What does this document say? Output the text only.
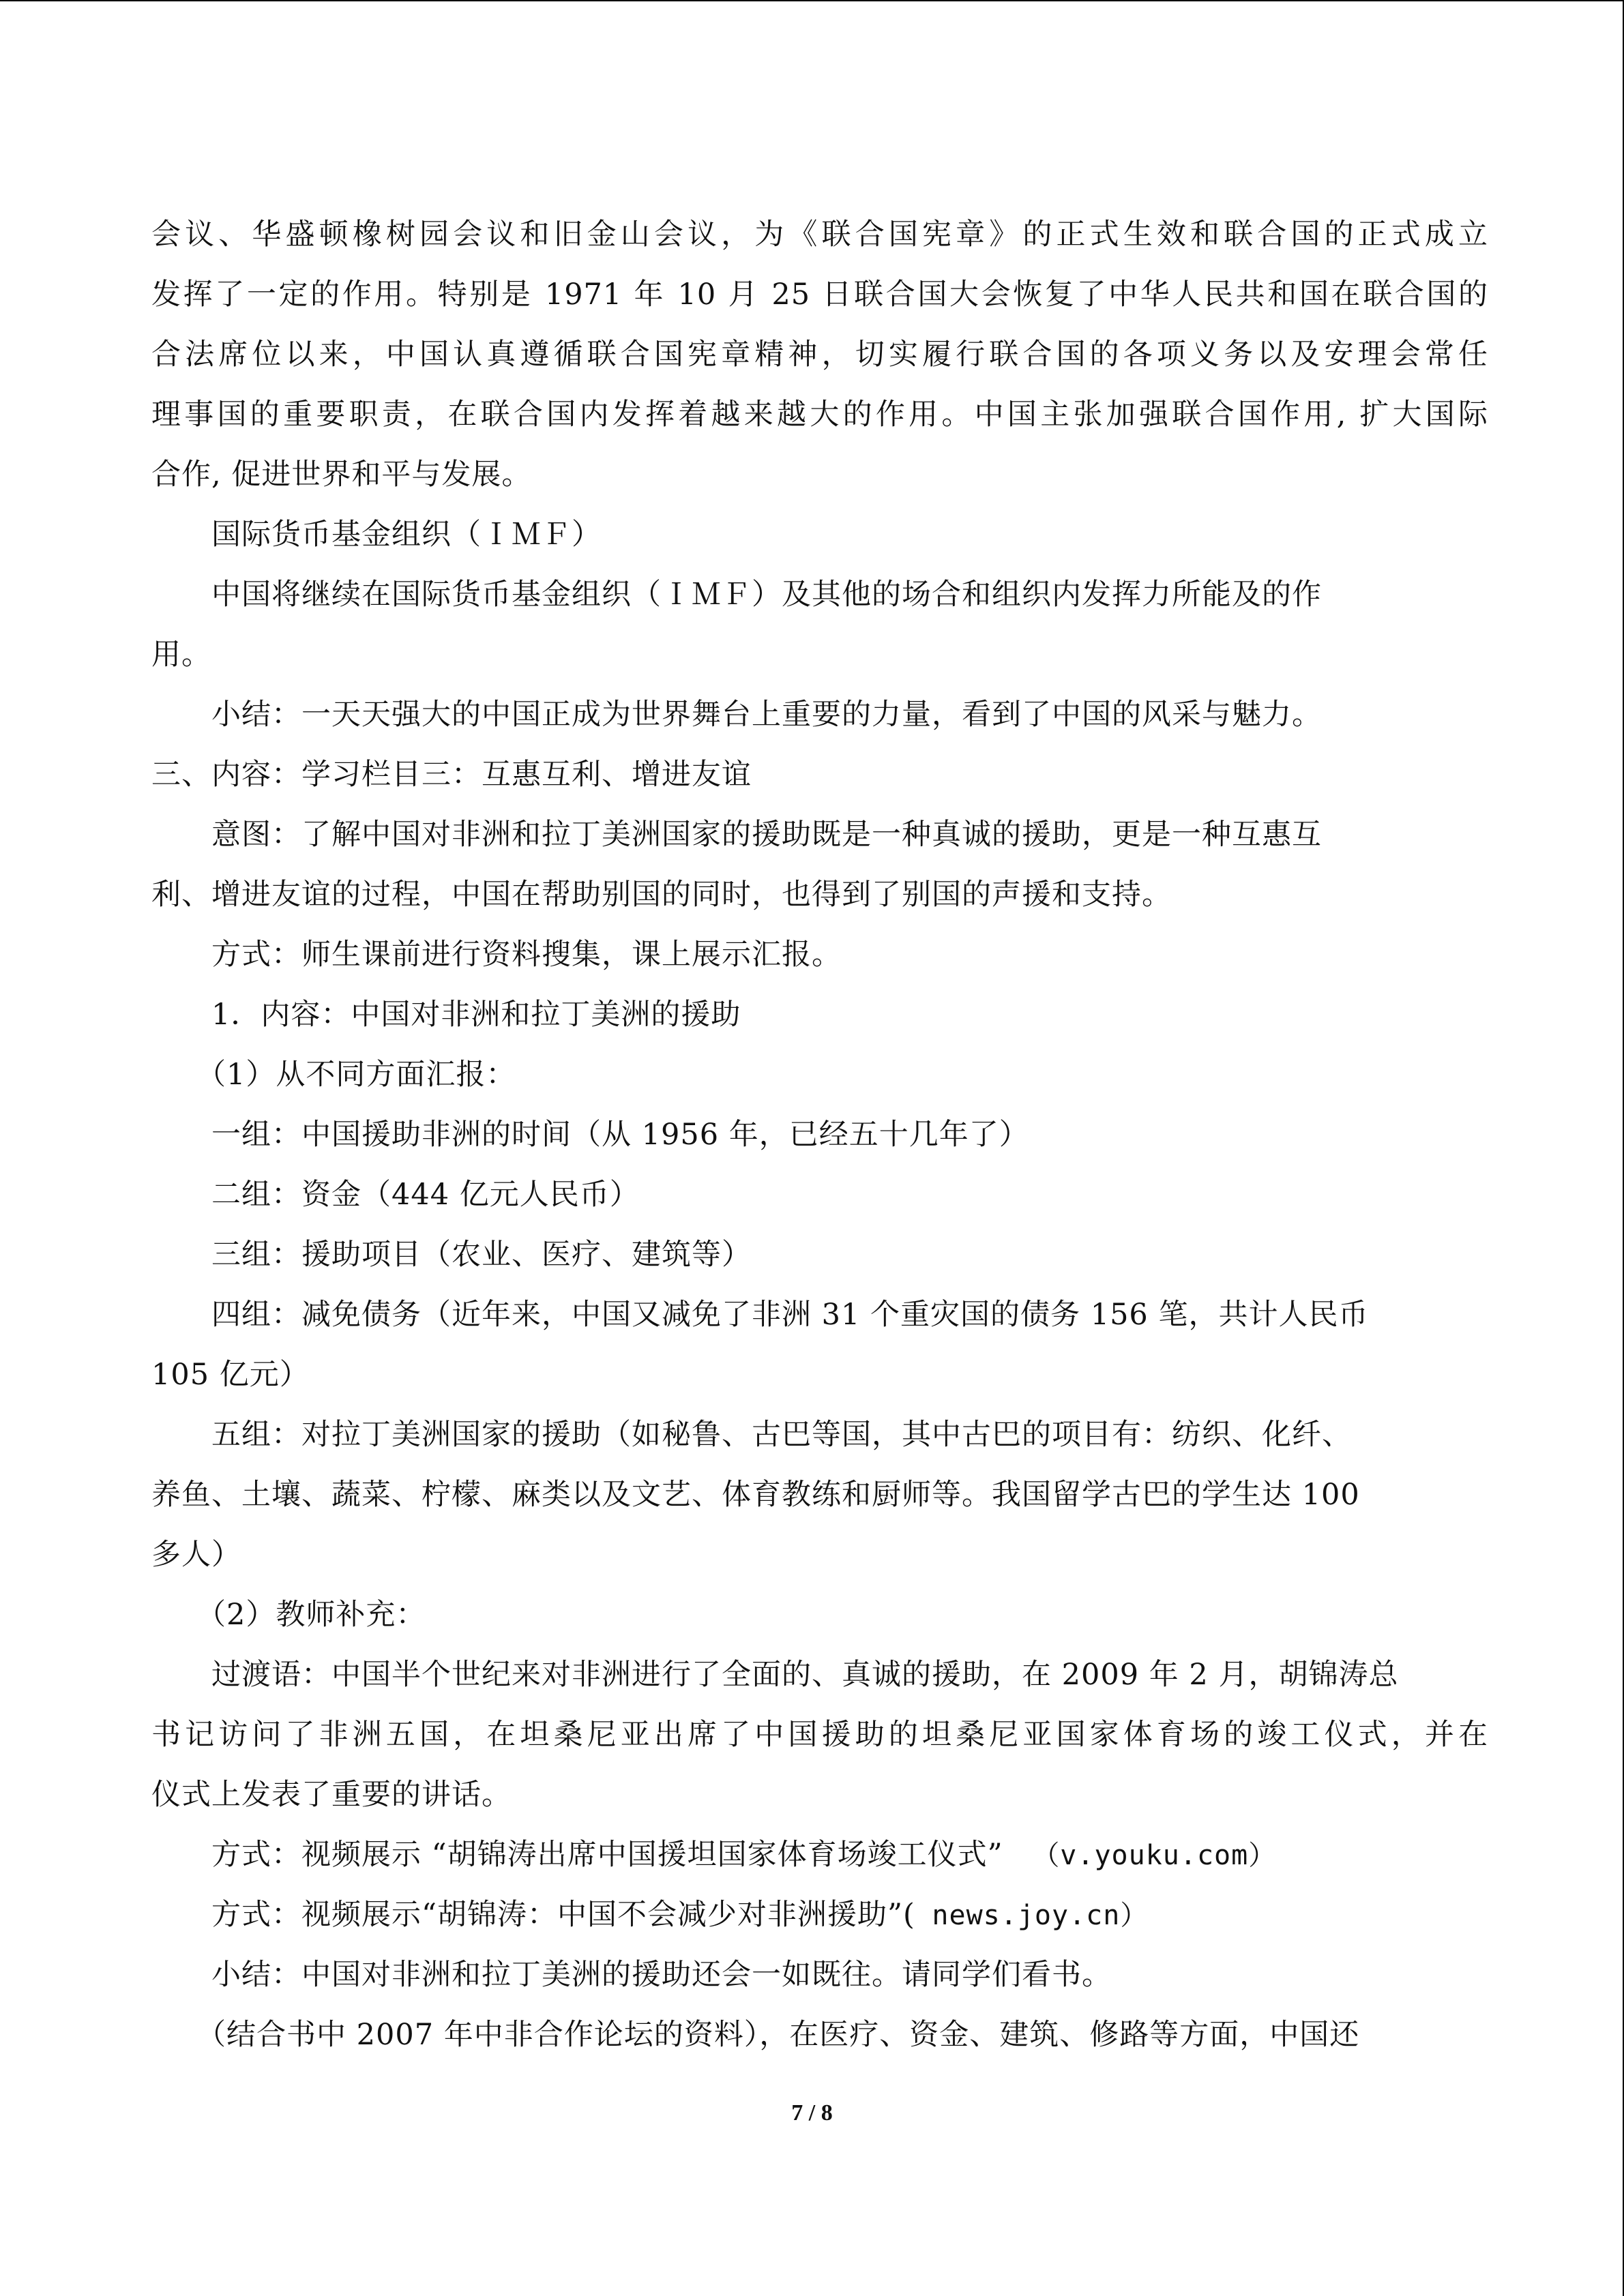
会议、华盛顿橡树园会议和旧金山会议，为《联合国宪章》的正式生效和联合国的正式成立
发挥了一定的作用。特别是 1971 年 10 月 25 日联合国大会恢复了中华人民共和国在联合国的
合法席位以来，中国认真遵循联合国宪章精神，切实履行联合国的各项义务以及安理会常任
理事国的重要职责，在联合国内发挥着越来越大的作用。中国主张加强联合国作用, 扩大国际
合作, 促进世界和平与发展。
国际货币基金组织（ＩＭＦ）
中国将继续在国际货币基金组织（ＩＭＦ）及其他的场合和组织内发挥力所能及的作
用。
小结：一天天强大的中国正成为世界舞台上重要的力量，看到了中国的风采与魅力。
三、内容：学习栏目三：互惠互利、增进友谊
意图：了解中国对非洲和拉丁美洲国家的援助既是一种真诚的援助，更是一种互惠互
利、增进友谊的过程，中国在帮助别国的同时，也得到了别国的声援和支持。
方式：师生课前进行资料搜集，课上展示汇报。
1．内容：中国对非洲和拉丁美洲的援助
（1）从不同方面汇报：
一组：中国援助非洲的时间（从 1956 年，已经五十几年了）
二组：资金（444 亿元人民币）
三组：援助项目（农业、医疗、建筑等）
四组：减免债务（近年来，中国又减免了非洲 31 个重灾国的债务 156 笔，共计人民币
105 亿元）
五组：对拉丁美洲国家的援助（如秘鲁、古巴等国，其中古巴的项目有：纺织、化纤、
养鱼、土壤、蔬菜、柠檬、麻类以及文艺、体育教练和厨师等。我国留学古巴的学生达 100
多人）
（2）教师补充：
过渡语：中国半个世纪来对非洲进行了全面的、真诚的援助，在 2009 年 2 月，胡锦涛总
书记访问了非洲五国，在坦桑尼亚出席了中国援助的坦桑尼亚国家体育场的竣工仪式，并在
仪式上发表了重要的讲话。
方式：视频展示 “胡锦涛出席中国援坦国家体育场竣工仪式” （v.youku.com）
方式：视频展示“胡锦涛：中国不会减少对非洲援助”( news.joy.cn）
小结：中国对非洲和拉丁美洲的援助还会一如既往。请同学们看书。
（结合书中 2007 年中非合作论坛的资料），在医疗、资金、建筑、修路等方面，中国还
7 / 8
